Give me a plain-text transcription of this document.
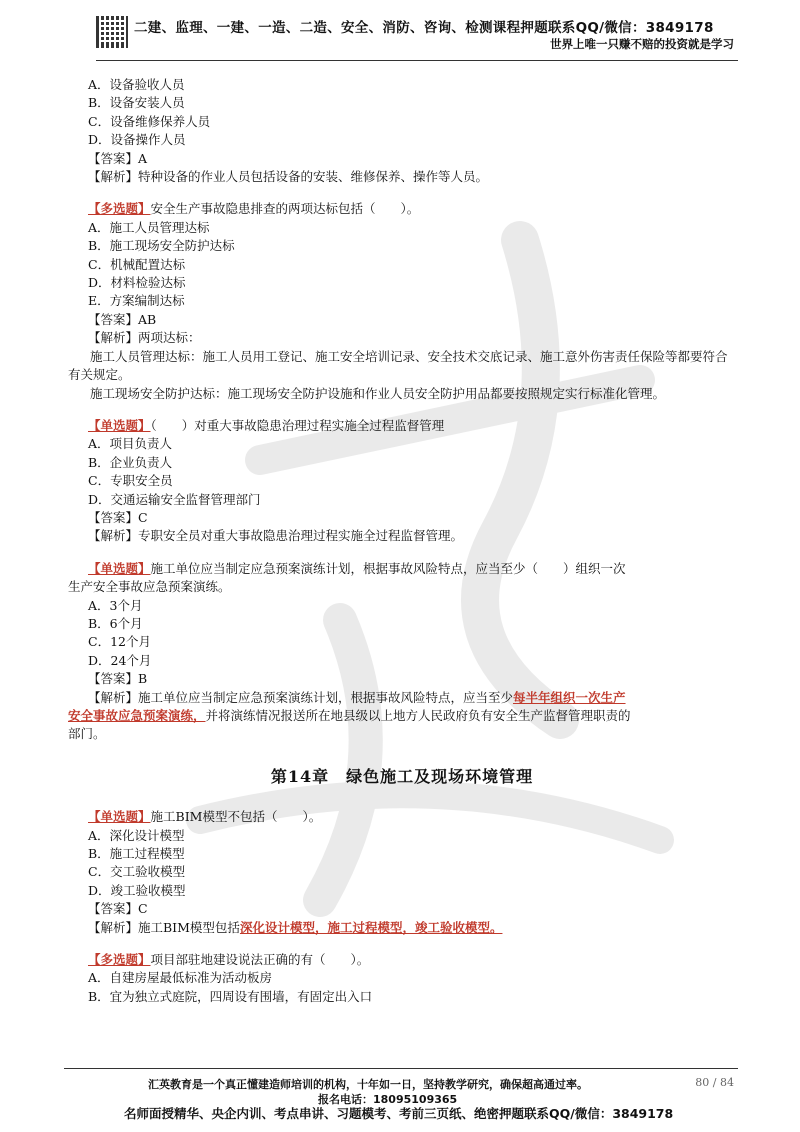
二建、监理、一建、一造、二造、安全、消防、咨询、检测课程押题联系QQ/微信：3849178
世界上唯一只赚不赔的投资就是学习

A．设备验收人员

B．设备安装人员

C．设备维修保养人员

D．设备操作人员

【答案】A

【解析】特种设备的作业人员包括设备的安装、维修保养、操作等人员。

【多选题】安全生产事故隐患排查的两项达标包括（　　）。

A．施工人员管理达标

B．施工现场安全防护达标

C．机械配置达标

D．材料检验达标

E．方案编制达标

【答案】AB

【解析】两项达标：

施工人员管理达标：施工人员用工登记、施工安全培训记录、安全技术交底记录、施工意外伤害责任保险等都要符合有关规定。

施工现场安全防护达标：施工现场安全防护设施和作业人员安全防护用品都要按照规定实行标准化管理。

【单选题】（　　）对重大事故隐患治理过程实施全过程监督管理

A．项目负责人

B．企业负责人

C．专职安全员

D．交通运输安全监督管理部门

【答案】C

【解析】专职安全员对重大事故隐患治理过程实施全过程监督管理。

【单选题】施工单位应当制定应急预案演练计划，根据事故风险特点，应当至少（　　）组织一次

生产安全事故应急预案演练。

A．3个月

B．6个月

C．12个月

D．24个月

【答案】B

【解析】施工单位应当制定应急预案演练计划，根据事故风险特点，应当至少每半年组织一次生产

安全事故应急预案演练，并将演练情况报送所在地县级以上地方人民政府负有安全生产监督管理职责的

部门。

第14章　绿色施工及现场环境管理

【单选题】施工BIM模型不包括（　　）。

A．深化设计模型

B．施工过程模型

C．交工验收模型

D．竣工验收模型

【答案】C

【解析】施工BIM模型包括深化设计模型，施工过程模型，竣工验收模型。

【多选题】项目部驻地建设说法正确的有（　　）。

A．自建房屋最低标准为活动板房

B．宜为独立式庭院，四周设有围墙，有固定出入口

汇英教育是一个真正懂建造师培训的机构，十年如一日，坚持教学研究，确保超高通过率。	80 / 84
报名电话：18095109365
名师面授精华、央企内训、考点串讲、习题模考、考前三页纸、绝密押题联系QQ/微信：3849178
